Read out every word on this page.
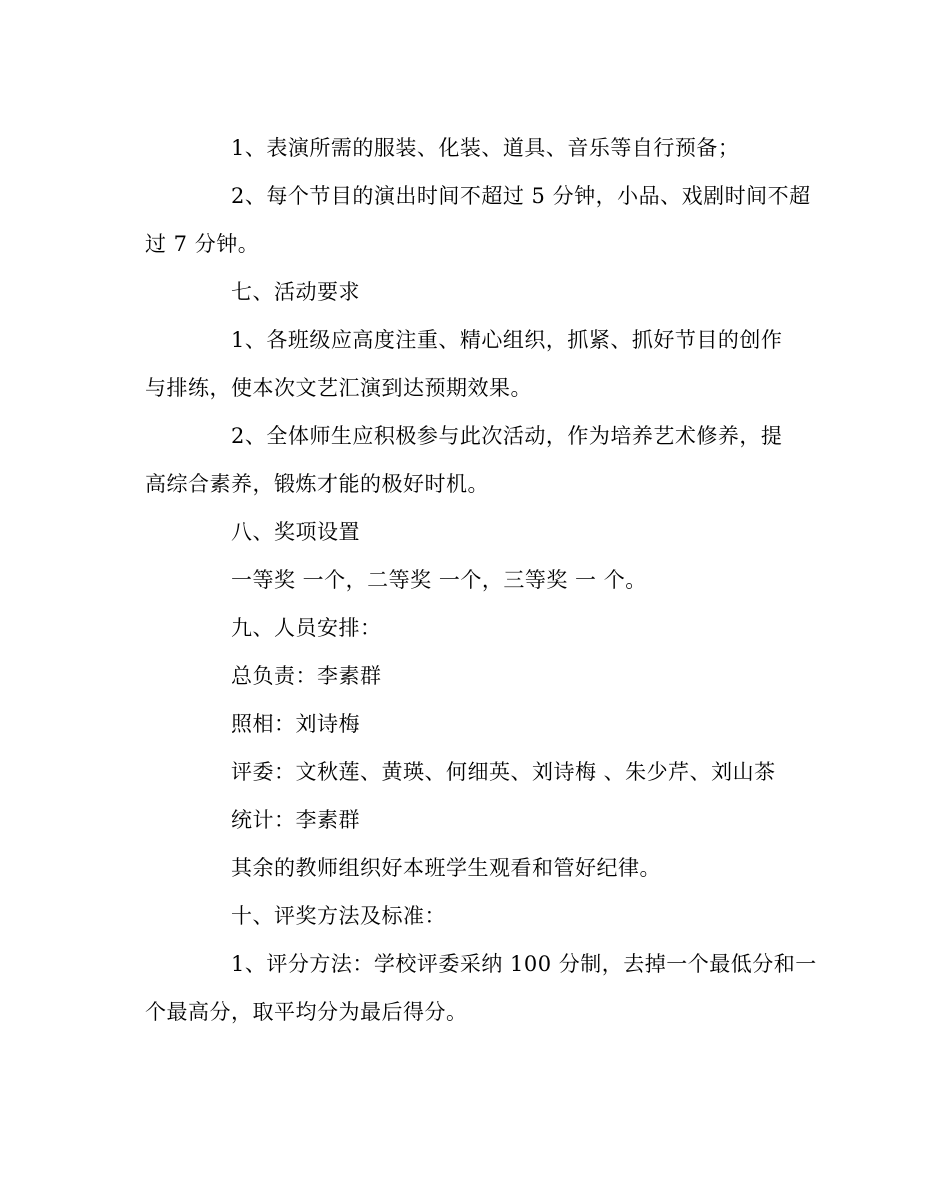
1、表演所需的服装、化装、道具、音乐等自行预备；
2、每个节目的演出时间不超过 5 分钟，小品、戏剧时间不超
过 7 分钟。
七、活动要求
1、各班级应高度注重、精心组织，抓紧、抓好节目的创作
与排练，使本次文艺汇演到达预期效果。
2、全体师生应积极参与此次活动，作为培养艺术修养，提
高综合素养，锻炼才能的极好时机。
八、奖项设置
一等奖 一个，二等奖 一个，三等奖 一 个。
九、人员安排：
总负责：李素群
照相：刘诗梅
评委：文秋莲、黄瑛、何细英、刘诗梅 、朱少芹、刘山茶
统计：李素群
其余的教师组织好本班学生观看和管好纪律。
十、评奖方法及标准：
1、评分方法：学校评委采纳 100 分制，去掉一个最低分和一
个最高分，取平均分为最后得分。
